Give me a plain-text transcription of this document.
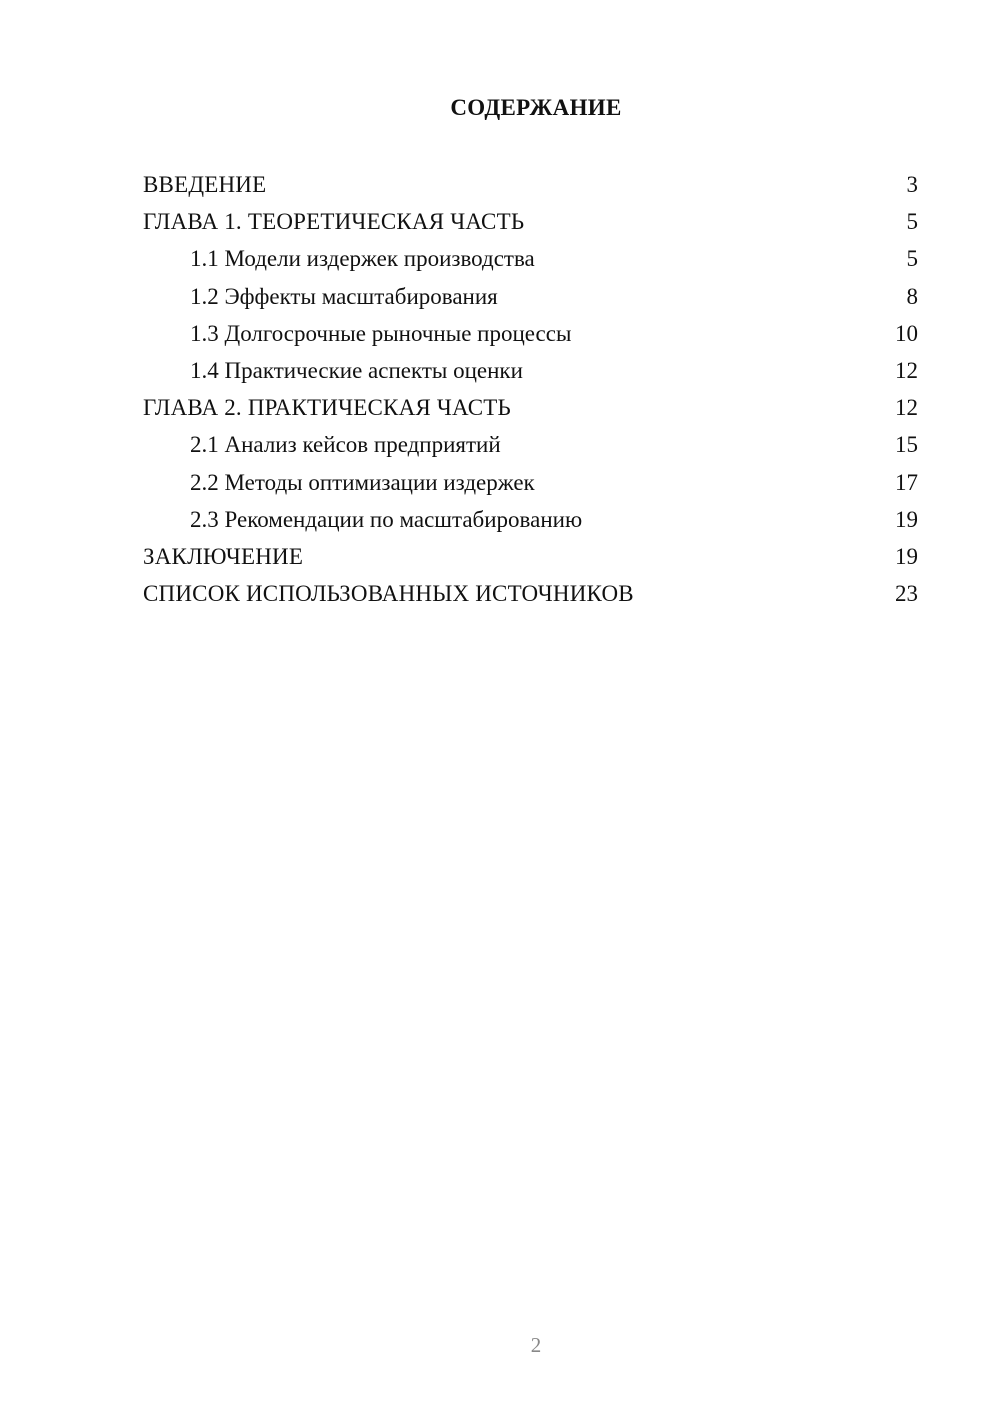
СОДЕРЖАНИЕ
ВВЕДЕНИЕ	3
ГЛАВА 1. ТЕОРЕТИЧЕСКАЯ ЧАСТЬ	5
1.1 Модели издержек производства	5
1.2 Эффекты масштабирования	8
1.3 Долгосрочные рыночные процессы	10
1.4 Практические аспекты оценки	12
ГЛАВА 2. ПРАКТИЧЕСКАЯ ЧАСТЬ	12
2.1 Анализ кейсов предприятий	15
2.2 Методы оптимизации издержек	17
2.3 Рекомендации по масштабированию	19
ЗАКЛЮЧЕНИЕ	19
СПИСОК ИСПОЛЬЗОВАННЫХ ИСТОЧНИКОВ	23
2
